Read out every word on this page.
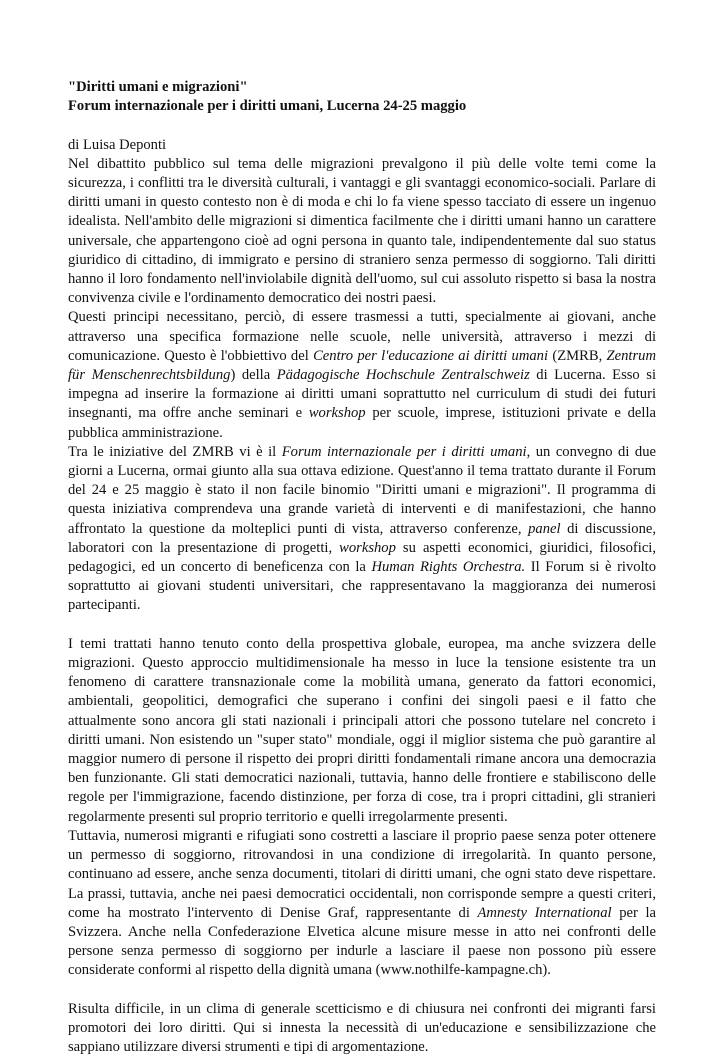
"Diritti umani e migrazioni"
Forum internazionale per i diritti umani, Lucerna 24-25 maggio

di Luisa Deponti

Nel dibattito pubblico sul tema delle migrazioni prevalgono il più delle volte temi come la sicurezza, i conflitti tra le diversità culturali, i vantaggi e gli svantaggi economico-sociali. Parlare di diritti umani in questo contesto non è di moda e chi lo fa viene spesso tacciato di essere un ingenuo idealista. Nell'ambito delle migrazioni si dimentica facilmente che i diritti umani hanno un carattere universale, che appartengono cioè ad ogni persona in quanto tale, indipendentemente dal suo status giuridico di cittadino, di immigrato e persino di straniero senza permesso di soggiorno. Tali diritti hanno il loro fondamento nell'inviolabile dignità dell'uomo, sul cui assoluto rispetto si basa la nostra convivenza civile e l'ordinamento democratico dei nostri paesi.

Questi principi necessitano, perciò, di essere trasmessi a tutti, specialmente ai giovani, anche attraverso una specifica formazione nelle scuole, nelle università, attraverso i mezzi di comunicazione. Questo è l'obbiettivo del Centro per l'educazione ai diritti umani (ZMRB, Zentrum für Menschenrechtsbildung) della Pädagogische Hochschule Zentralschweiz di Lucerna. Esso si impegna ad inserire la formazione ai diritti umani soprattutto nel curriculum di studi dei futuri insegnanti, ma offre anche seminari e workshop per scuole, imprese, istituzioni private e della pubblica amministrazione.

Tra le iniziative del ZMRB vi è il Forum internazionale per i diritti umani, un convegno di due giorni a Lucerna, ormai giunto alla sua ottava edizione. Quest'anno il tema trattato durante il Forum del 24 e 25 maggio è stato il non facile binomio "Diritti umani e migrazioni". Il programma di questa iniziativa comprendeva una grande varietà di interventi e di manifestazioni, che hanno affrontato la questione da molteplici punti di vista, attraverso conferenze, panel di discussione, laboratori con la presentazione di progetti, workshop su aspetti economici, giuridici, filosofici, pedagogici, ed un concerto di beneficenza con la Human Rights Orchestra. Il Forum si è rivolto soprattutto ai giovani studenti universitari, che rappresentavano la maggioranza dei numerosi partecipanti.

I temi trattati hanno tenuto conto della prospettiva globale, europea, ma anche svizzera delle migrazioni. Questo approccio multidimensionale ha messo in luce la tensione esistente tra un fenomeno di carattere transnazionale come la mobilità umana, generato da fattori economici, ambientali, geopolitici, demografici che superano i confini dei singoli paesi e il fatto che attualmente sono ancora gli stati nazionali i principali attori che possono tutelare nel concreto i diritti umani. Non esistendo un "super stato" mondiale, oggi il miglior sistema che può garantire al maggior numero di persone il rispetto dei propri diritti fondamentali rimane ancora una democrazia ben funzionante. Gli stati democratici nazionali, tuttavia, hanno delle frontiere e stabiliscono delle regole per l'immigrazione, facendo distinzione, per forza di cose, tra i propri cittadini, gli stranieri regolarmente presenti sul proprio territorio e quelli irregolarmente presenti.

Tuttavia, numerosi migranti e rifugiati sono costretti a lasciare il proprio paese senza poter ottenere un permesso di soggiorno, ritrovandosi in una condizione di irregolarità. In quanto persone, continuano ad essere, anche senza documenti, titolari di diritti umani, che ogni stato deve rispettare. La prassi, tuttavia, anche nei paesi democratici occidentali, non corrisponde sempre a questi criteri, come ha mostrato l'intervento di Denise Graf, rappresentante di Amnesty International per la Svizzera. Anche nella Confederazione Elvetica alcune misure messe in atto nei confronti delle persone senza permesso di soggiorno per indurle a lasciare il paese non possono più essere considerate conformi al rispetto della dignità umana (www.nothilfe-kampagne.ch).

Risulta difficile, in un clima di generale scetticismo e di chiusura nei confronti dei migranti farsi promotori dei loro diritti. Qui si innesta la necessità di un'educazione e sensibilizzazione che sappiano utilizzare diversi strumenti e tipi di argomentazione.
